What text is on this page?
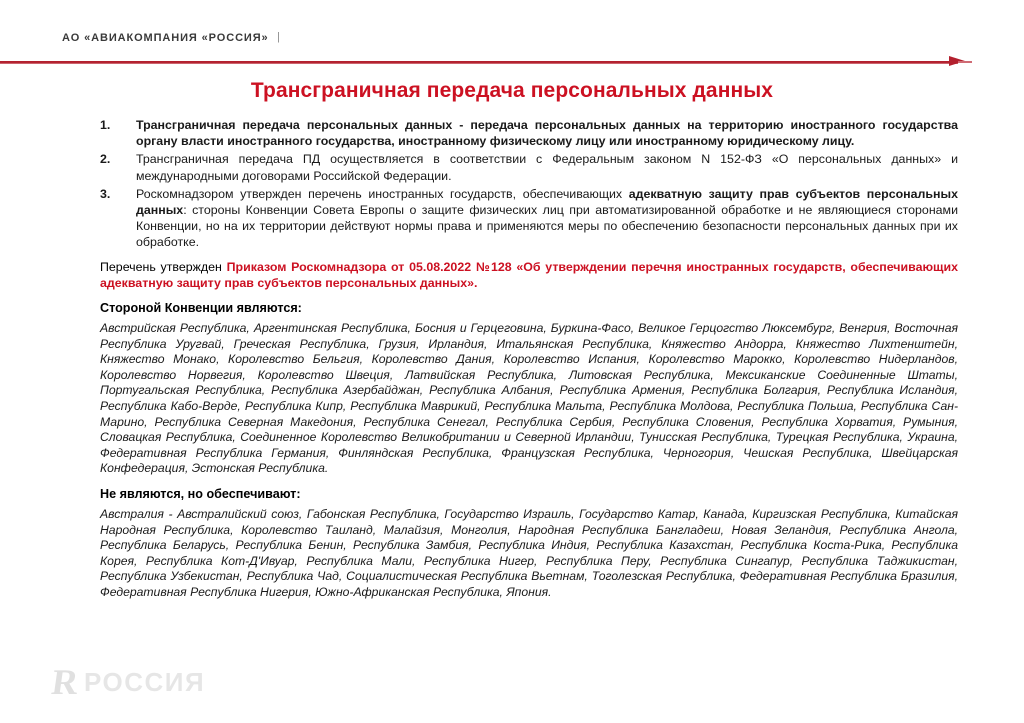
АО «АВИАКОМПАНИЯ «РОССИЯ» |
Трансграничная передача персональных данных
1.	Трансграничная передача персональных данных - передача персональных данных на территорию иностранного государства органу власти иностранного государства, иностранному физическому лицу или иностранному юридическому лицу.
2.	Трансграничная передача ПД осуществляется в соответствии с Федеральным законом N 152-ФЗ «О персональных данных» и международными договорами Российской Федерации.
3.	Роскомнадзором утвержден перечень иностранных государств, обеспечивающих адекватную защиту прав субъектов персональных данных: стороны Конвенции Совета Европы о защите физических лиц при автоматизированной обработке и не являющиеся сторонами Конвенции, но на их территории действуют нормы права и применяются меры по обеспечению безопасности персональных данных при их обработке.
Перечень утвержден Приказом Роскомнадзора от 05.08.2022 №128 «Об утверждении перечня иностранных государств, обеспечивающих адекватную защиту прав субъектов персональных данных».
Стороной Конвенции являются:
Австрийская Республика, Аргентинская Республика, Босния и Герцеговина, Буркина-Фасо, Великое Герцогство Люксембург, Венгрия, Восточная Республика Уругвай, Греческая Республика, Грузия, Ирландия, Итальянская Республика, Княжество Андорра, Княжество Лихтенштейн, Княжество Монако, Королевство Бельгия, Королевство Дания, Королевство Испания, Королевство Марокко, Королевство Нидерландов, Королевство Норвегия, Королевство Швеция, Латвийская Республика, Литовская Республика, Мексиканские Соединенные Штаты, Португальская Республика, Республика Азербайджан, Республика Албания, Республика Армения, Республика Болгария, Республика Исландия, Республика Кабо-Верде, Республика Кипр, Республика Маврикий, Республика Мальта, Республика Молдова, Республика Польша, Республика Сан-Марино, Республика Северная Македония, Республика Сенегал, Республика Сербия, Республика Словения, Республика Хорватия, Румыния, Словацкая Республика, Соединенное Королевство Великобритании и Северной Ирландии, Тунисская Республика, Турецкая Республика, Украина, Федеративная Республика Германия, Финляндская Республика, Французская Республика, Черногория, Чешская Республика, Швейцарская Конфедерация, Эстонская Республика.
Не являются, но обеспечивают:
Австралия - Австралийский союз, Габонская Республика, Государство Израиль, Государство Катар, Канада, Киргизская Республика, Китайская Народная Республика, Королевство Таиланд, Малайзия, Монголия, Народная Республика Бангладеш, Новая Зеландия, Республика Ангола, Республика Беларусь, Республика Бенин, Республика Замбия, Республика Индия, Республика Казахстан, Республика Коста-Рика, Республика Корея, Республика Кот-Д'Ивуар, Республика Мали, Республика Нигер, Республика Перу, Республика Сингапур, Республика Таджикистан, Республика Узбекистан, Республика Чад, Социалистическая Республика Вьетнам, Тоголезская Республика, Федеративная Республика Бразилия, Федеративная Республика Нигерия, Южно-Африканская Республика, Япония.
R РОССИЯ
